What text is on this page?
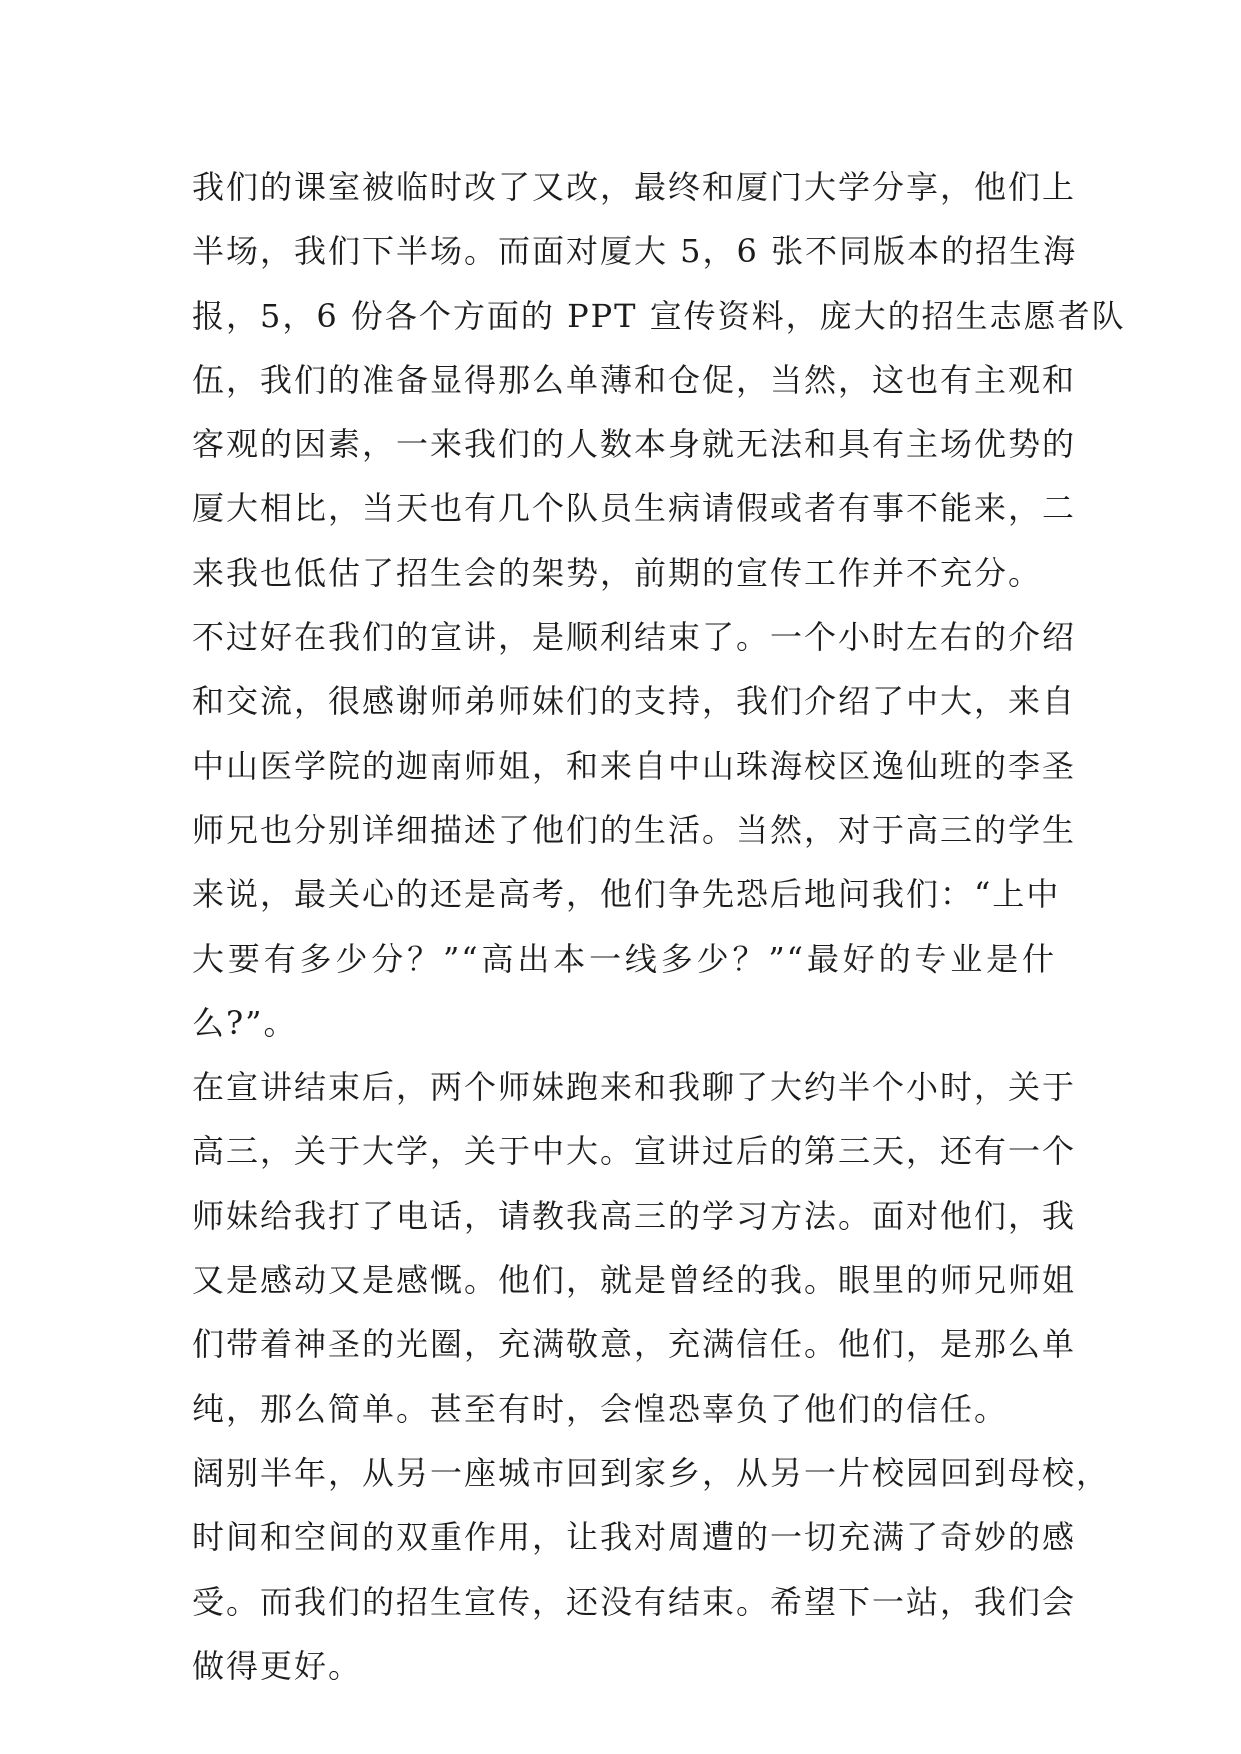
我们的课室被临时改了又改，最终和厦门大学分享，他们上
半场，我们下半场。而面对厦大 5，6 张不同版本的招生海
报，5，6 份各个方面的 PPT 宣传资料，庞大的招生志愿者队
伍，我们的准备显得那么单薄和仓促，当然，这也有主观和
客观的因素，一来我们的人数本身就无法和具有主场优势的
厦大相比，当天也有几个队员生病请假或者有事不能来，二
来我也低估了招生会的架势，前期的宣传工作并不充分。
不过好在我们的宣讲，是顺利结束了。一个小时左右的介绍
和交流，很感谢师弟师妹们的支持，我们介绍了中大，来自
中山医学院的迦南师姐，和来自中山珠海校区逸仙班的李圣
师兄也分别详细描述了他们的生活。当然，对于高三的学生
来说，最关心的还是高考，他们争先恐后地问我们：“上中
大要有多少分？”“高出本一线多少？”“最好的专业是什
么?”。
在宣讲结束后，两个师妹跑来和我聊了大约半个小时，关于
高三，关于大学，关于中大。宣讲过后的第三天，还有一个
师妹给我打了电话，请教我高三的学习方法。面对他们，我
又是感动又是感慨。他们，就是曾经的我。眼里的师兄师姐
们带着神圣的光圈，充满敬意，充满信任。他们，是那么单
纯，那么简单。甚至有时，会惶恐辜负了他们的信任。
阔别半年，从另一座城市回到家乡，从另一片校园回到母校，
时间和空间的双重作用，让我对周遭的一切充满了奇妙的感
受。而我们的招生宣传，还没有结束。希望下一站，我们会
做得更好。
